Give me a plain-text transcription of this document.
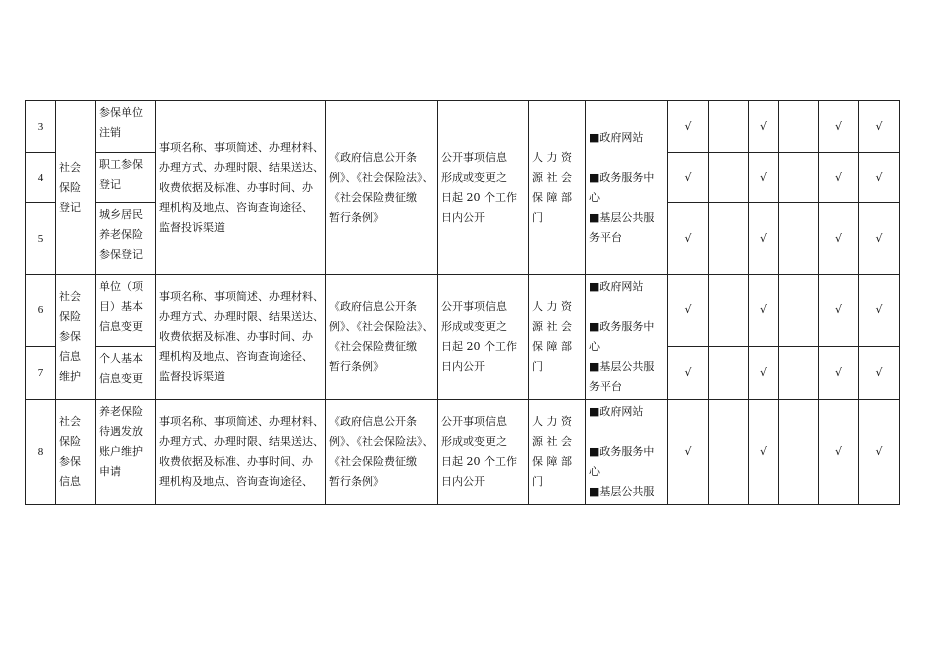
3	社会
保险
登记	参保单位
注销	事项名称、事项简述、办理材料、
办理方式、办理时限、结果送达、
收费依据及标准、办事时间、办
理机构及地点、咨询查询途径、
监督投诉渠道	《政府信息公开条
例》、《社会保险法》、
《社会保险费征缴
暂行条例》	公开事项信息
形成或变更之
日起 20 个工作
日内公开	人 力 资
源 社 会
保 障 部
门	■政府网站

■政务服务中
心
■基层公共服
务平台	√		√		√	√
4		职工参保
登记						√		√		√	√
5		城乡居民
养老保险
参保登记						√		√		√	√
6	社会
保险
参保
信息
维护	单位（项
目）基本
信息变更	事项名称、事项简述、办理材料、
办理方式、办理时限、结果送达、
收费依据及标准、办事时间、办
理机构及地点、咨询查询途径、
监督投诉渠道	《政府信息公开条
例》、《社会保险法》、
《社会保险费征缴
暂行条例》	公开事项信息
形成或变更之
日起 20 个工作
日内公开	人 力 资
源 社 会
保 障 部
门	■政府网站

■政务服务中
心
■基层公共服
务平台	√		√		√	√
7		个人基本
信息变更						√		√		√	√
8	社会
保险
参保
信息	养老保险
待遇发放
账户维护
申请	事项名称、事项简述、办理材料、
办理方式、办理时限、结果送达、
收费依据及标准、办事时间、办
理机构及地点、咨询查询途径、	《政府信息公开条
例》、《社会保险法》、
《社会保险费征缴
暂行条例》	公开事项信息
形成或变更之
日起 20 个工作
日内公开	人 力 资
源 社 会
保 障 部
门	■政府网站

■政务服务中
心
■基层公共服	√		√		√	√
